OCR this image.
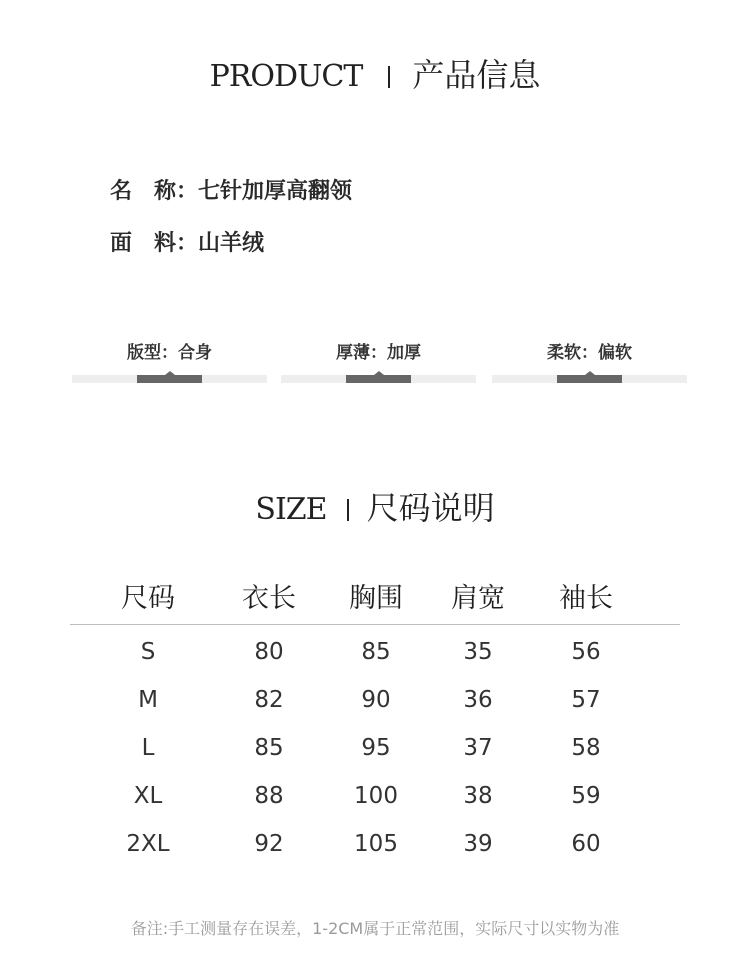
PRODUCT 产品信息
名　称：七针加厚高翻领
面　料：山羊绒
版型：合身	厚薄：加厚	柔软：偏软
SIZE 尺码说明
尺码	衣长	胸围	肩宽	袖长
S	80	85	35	56
M	82	90	36	57
L	85	95	37	58
XL	88	100	38	59
2XL	92	105	39	60
备注:手工测量存在误差，1-2CM属于正常范围，实际尺寸以实物为准
